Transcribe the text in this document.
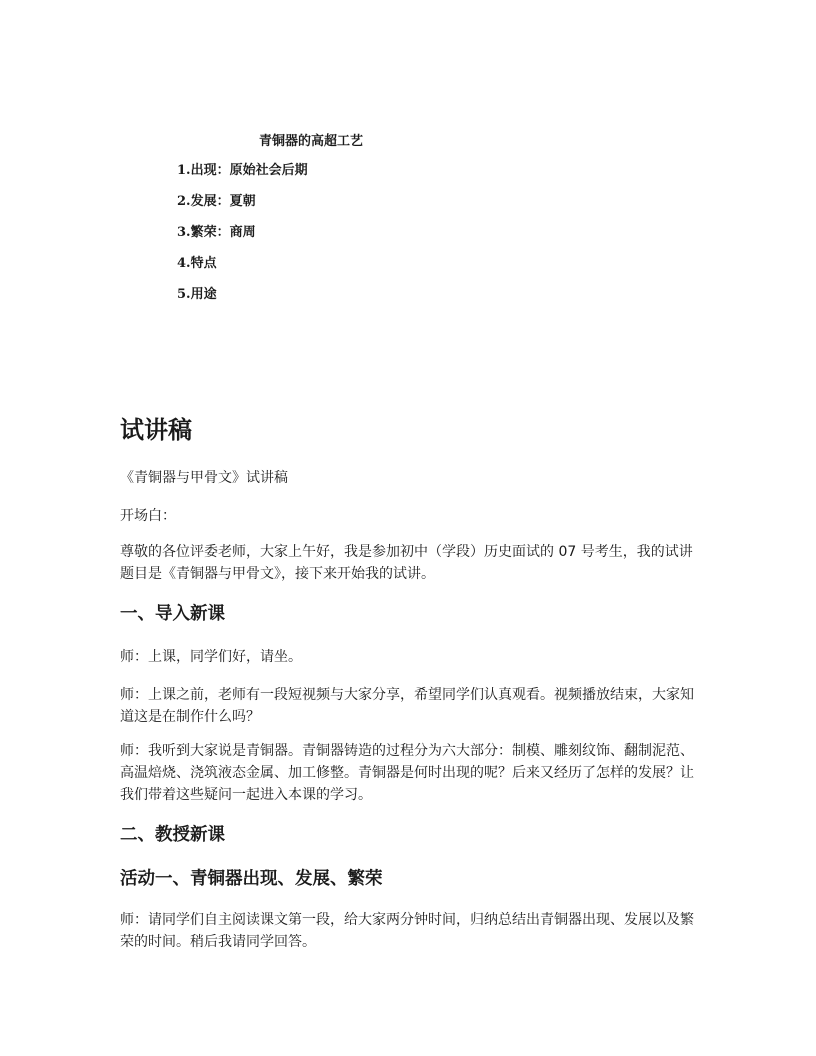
青铜器的高超工艺
1.出现：原始社会后期
2.发展：夏朝
3.繁荣：商周
4.特点
5.用途
试讲稿

《青铜器与甲骨文》试讲稿

开场白：

尊敬的各位评委老师，大家上午好，我是参加初中（学段）历史面试的 07 号考生，我的试讲题目是《青铜器与甲骨文》，接下来开始我的试讲。

一、导入新课

师：上课，同学们好，请坐。

师：上课之前，老师有一段短视频与大家分享，希望同学们认真观看。视频播放结束，大家知道这是在制作什么吗？

师：我听到大家说是青铜器。青铜器铸造的过程分为六大部分：制模、雕刻纹饰、翻制泥范、高温焙烧、浇筑液态金属、加工修整。青铜器是何时出现的呢？后来又经历了怎样的发展？让我们带着这些疑问一起进入本课的学习。

二、教授新课
活动一、青铜器出现、发展、繁荣

师：请同学们自主阅读课文第一段，给大家两分钟时间，归纳总结出青铜器出现、发展以及繁荣的时间。稍后我请同学回答。
